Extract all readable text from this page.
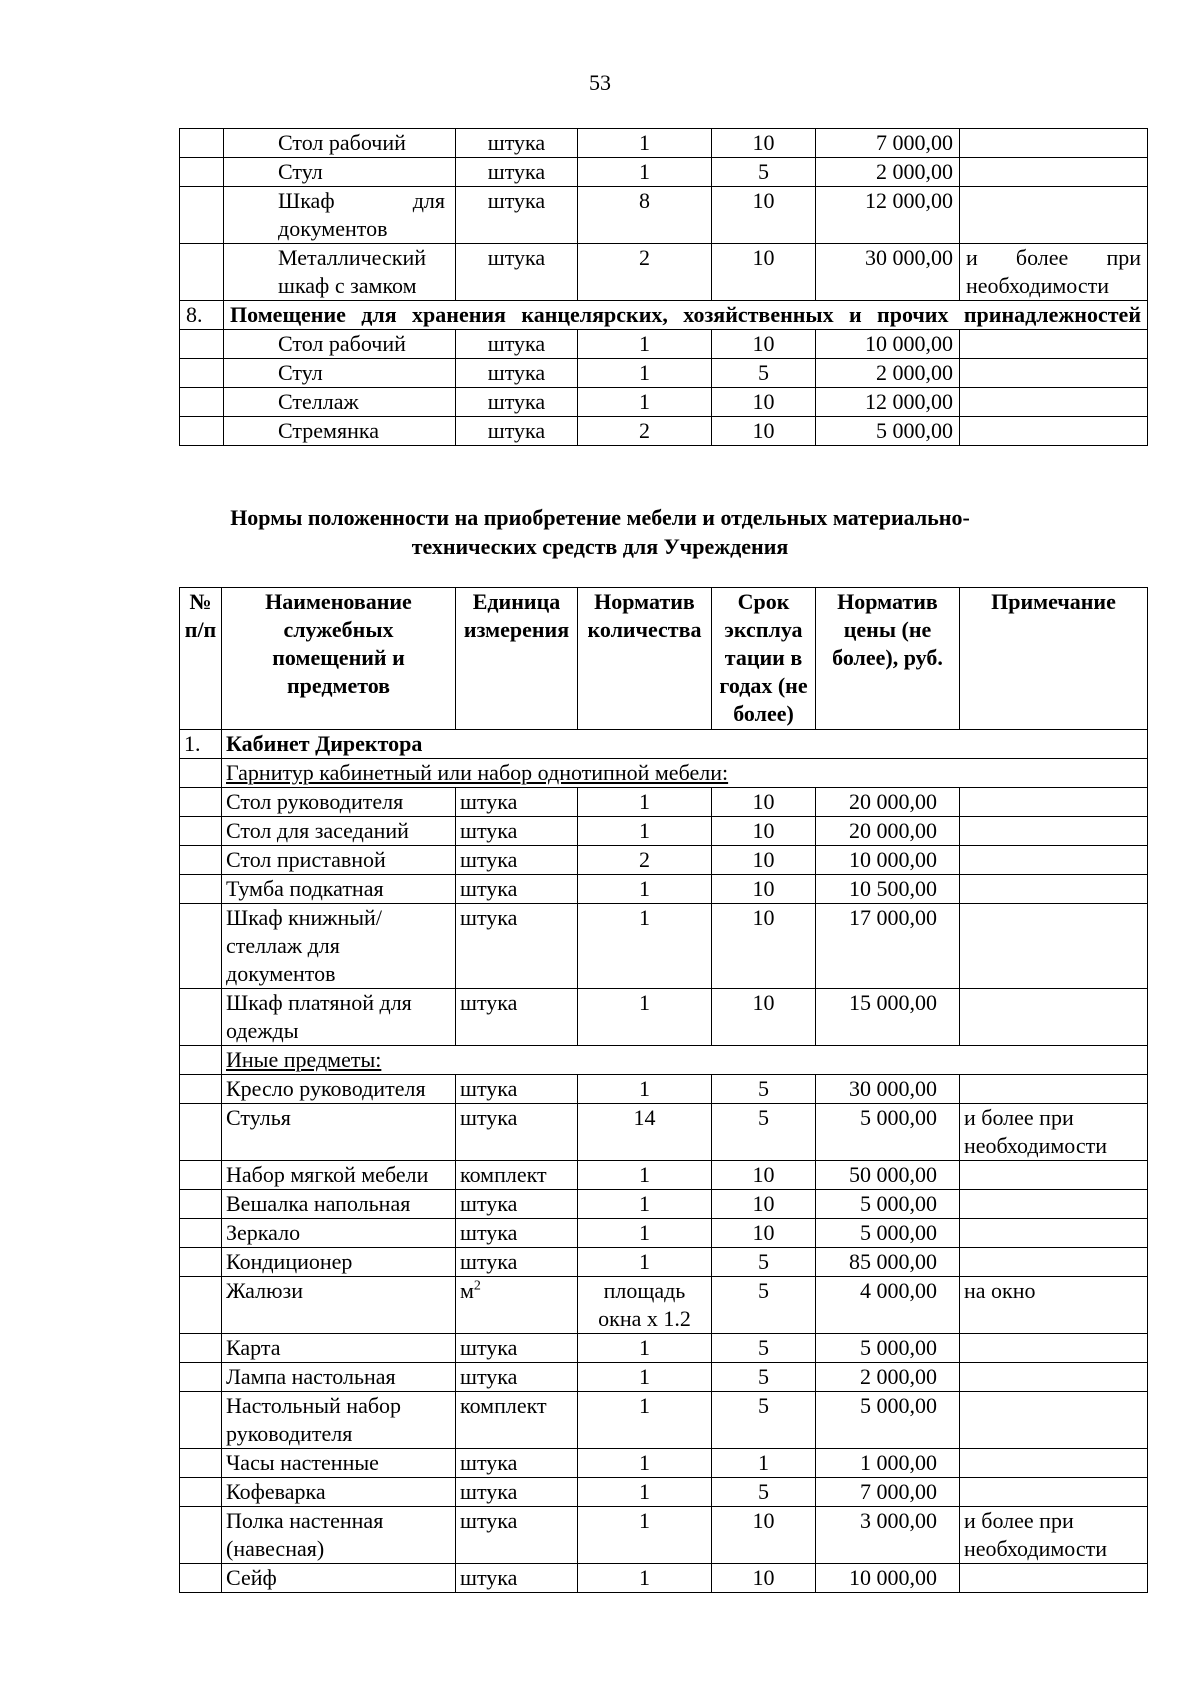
53
	Стол рабочий	штука	1	10	7 000,00	
	Стул	штука	1	5	2 000,00	
	Шкаф для документов	штука	8	10	12 000,00	
	Металлический шкаф с замком	штука	2	10	30 000,00	и более при необходимости
8.	Помещение для хранения канцелярских, хозяйственных и прочих принадлежностей					
	Стол рабочий	штука	1	10	10 000,00	
	Стул	штука	1	5	2 000,00	
	Стеллаж	штука	1	10	12 000,00	
	Стремянка	штука	2	10	5 000,00	
Нормы положенности на приобретение мебели и отдельных материально-
технических средств для Учреждения
№ п/п	Наименование служебных помещений и предметов	Единица измерения	Норматив количества	Срок эксплуа тации в годах (не более)	Норматив цены (не более), руб.	Примечание
1.	Кабинет Директора					
	Гарнитур кабинетный или набор однотипной мебели:					
	Стол руководителя	штука	1	10	20 000,00	
	Стол для заседаний	штука	1	10	20 000,00	
	Стол приставной	штука	2	10	10 000,00	
	Тумба подкатная	штука	1	10	10 500,00	
	Шкаф книжный/стеллаж для документов	штука	1	10	17 000,00	
	Шкаф платяной для одежды	штука	1	10	15 000,00	
	Иные предметы:					
	Кресло руководителя	штука	1	5	30 000,00	
	Стулья	штука	14	5	5 000,00	и более при необходимости
	Набор мягкой мебели	комплект	1	10	50 000,00	
	Вешалка напольная	штука	1	10	5 000,00	
	Зеркало	штука	1	10	5 000,00	
	Кондиционер	штука	1	5	85 000,00	
	Жалюзи	$м^2$	площадь окна х 1.2	5	4 000,00	на окно
	Карта	штука	1	5	5 000,00	
	Лампа настольная	штука	1	5	2 000,00	
	Настольный набор руководителя	комплект	1	5	5 000,00	
	Часы настенные	штука	1	1	1 000,00	
	Кофеварка	штука	1	5	7 000,00	
	Полка настенная (навесная)	штука	1	10	3 000,00	и более при необходимости
	Сейф	штука	1	10	10 000,00	
